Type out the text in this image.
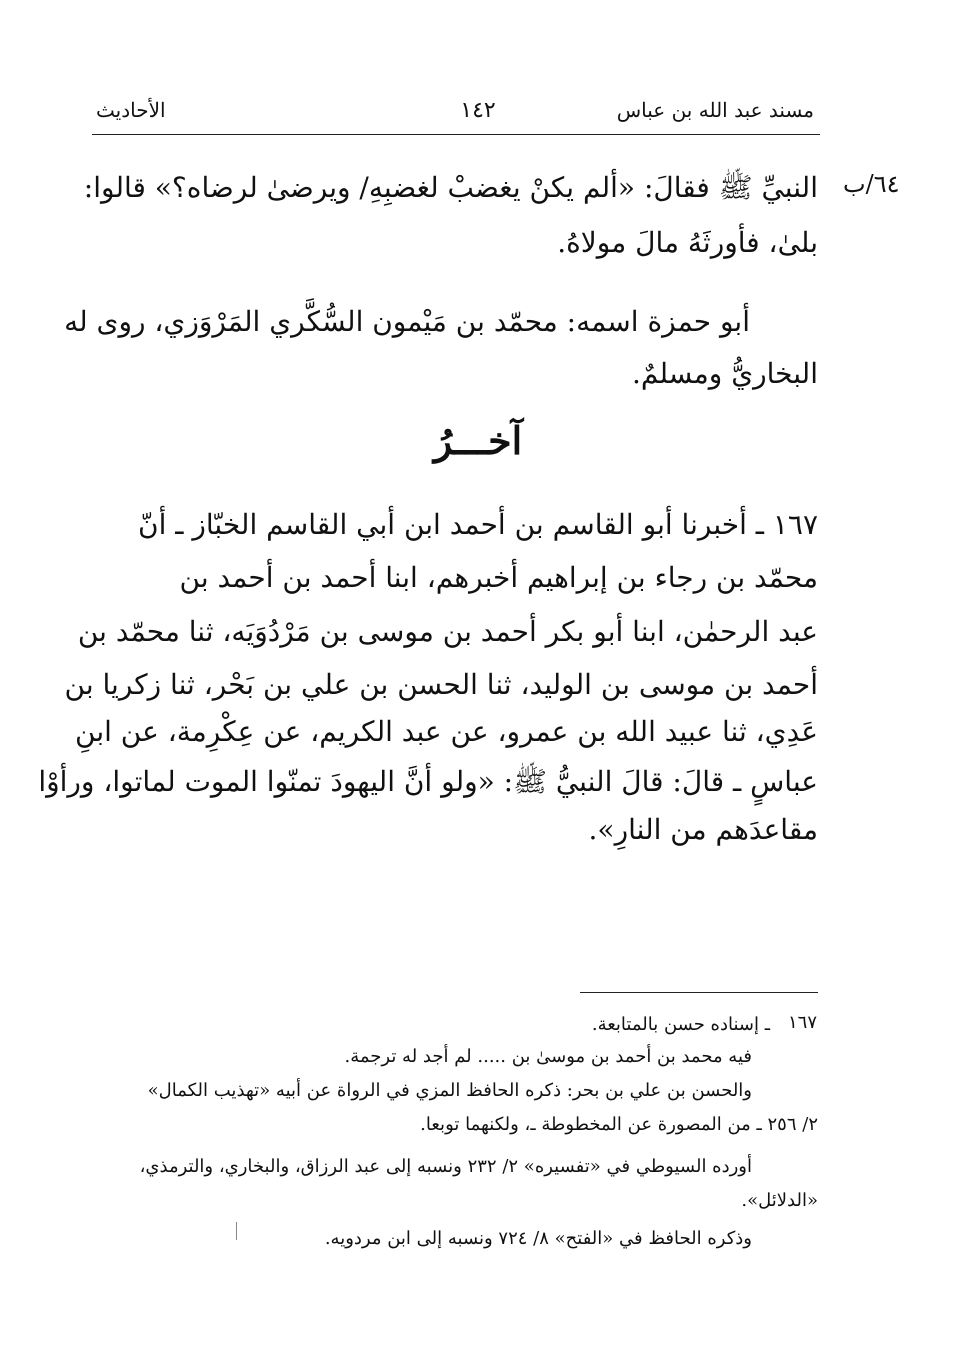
مسند عبد الله بن عباس
١٤٢
الأحاديث
٦٤/ب
النبيِّ ﷺ فقالَ: «ألم يكنْ يغضبْ لغضبِهِ/ ويرضىٰ لرضاه؟» قالوا:
بلىٰ، فأورثَهُ مالَ مولاهُ.
أبو حمزة اسمه: محمّد بن مَيْمون السُّكَّري المَرْوَزي، روى له
البخاريُّ ومسلمٌ.
آخـــرُ
١٦٧ ـ أخبرنا أبو القاسم بن أحمد ابن أبي القاسم الخبّاز ـ أنّ
محمّد بن رجاء بن إبراهيم أخبرهم، ابنا أحمد بن أحمد بن
عبد الرحمٰن، ابنا أبو بكر أحمد بن موسى بن مَرْدُوَيَه، ثنا محمّد بن
أحمد بن موسى بن الوليد، ثنا الحسن بن علي بن بَحْر، ثنا زكريا بن
عَدِي، ثنا عبيد الله بن عمرو، عن عبد الكريم، عن عِكْرِمة، عن ابنِ
عباسٍ ـ قالَ: قالَ النبيُّ ﷺ: «ولو أنَّ اليهودَ تمنّوا الموت لماتوا، ورأوْا
مقاعدَهم من النارِ».
١٦٧
ـ إسناده حسن بالمتابعة.
فيه محمد بن أحمد بن موسىٰ بن ..... لم أجد له ترجمة.
والحسن بن علي بن بحر: ذكره الحافظ المزي في الرواة عن أبيه «تهذيب الكمال»
٢/ ٢٥٦ ـ من المصورة عن المخطوطة ـ، ولكنهما توبعا.
أورده السيوطي في «تفسيره» ٢/ ٢٣٢ ونسبه إلى عبد الرزاق، والبخاري، والترمذي،
«الدلائل».
وذكره الحافظ في «الفتح» ٨/ ٧٢٤ ونسبه إلى ابن مردويه.
